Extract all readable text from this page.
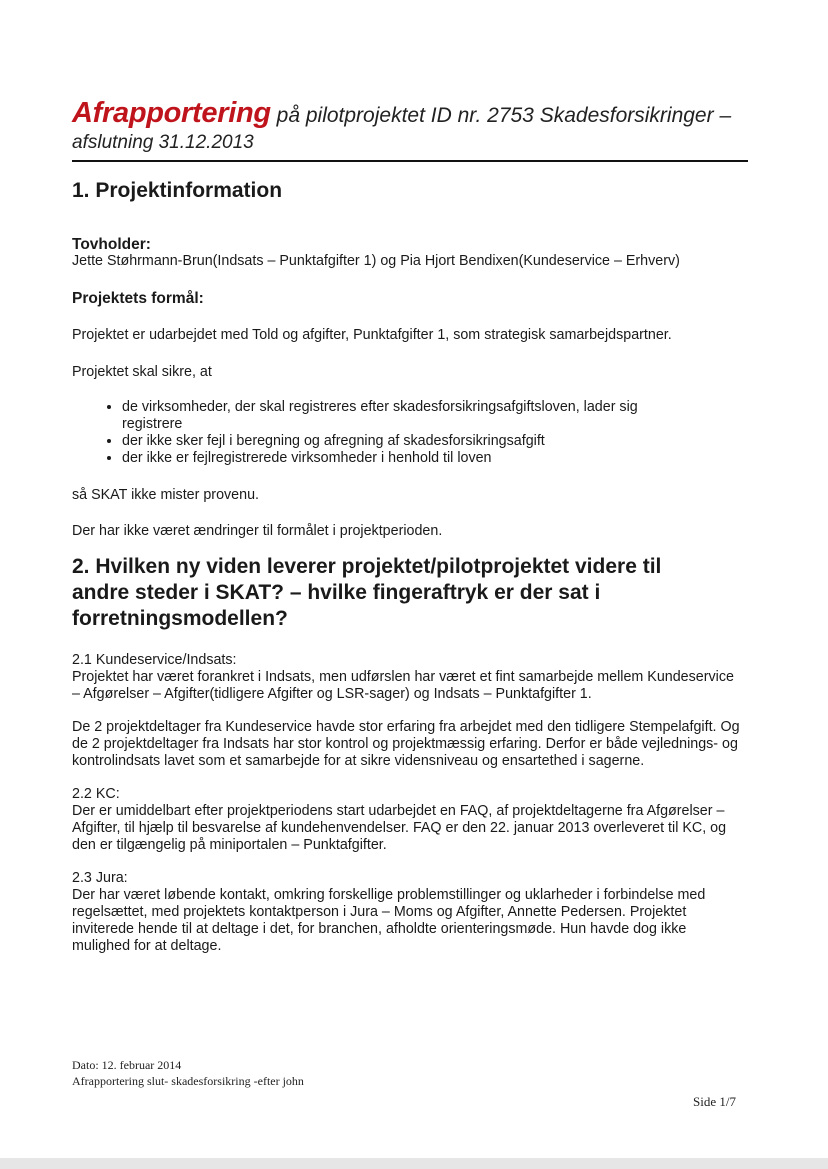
Afrapportering på pilotprojektet ID nr. 2753 Skadesforsikringer –
afslutning 31.12.2013
1. Projektinformation
Tovholder:

Jette Støhrmann-Brun(Indsats – Punktafgifter 1) og Pia Hjort Bendixen(Kundeservice – Erhverv)

Projektets formål:

Projektet er udarbejdet med Told og afgifter, Punktafgifter 1, som strategisk samarbejdspartner.

Projektet skal sikre, at

• de virksomheder, der skal registreres efter skadesforsikringsafgiftsloven, lader sig registrere
• der ikke sker fejl i beregning og afregning af skadesforsikringsafgift
• der ikke er fejlregistrerede virksomheder i henhold til loven

så SKAT ikke mister provenu.

Der har ikke været ændringer til formålet i projektperioden.

2. Hvilken ny viden leverer projektet/pilotprojektet videre til andre steder i SKAT? – hvilke fingeraftryk er der sat i forretningsmodellen?

2.1 Kundeservice/Indsats:

Projektet har været forankret i Indsats, men udførslen har været et fint samarbejde mellem Kundeservice – Afgørelser – Afgifter(tidligere Afgifter og LSR-sager) og Indsats – Punktafgifter 1.

De 2 projektdeltager fra Kundeservice havde stor erfaring fra arbejdet med den tidligere Stempelafgift. Og de 2 projektdeltager fra Indsats har stor kontrol og projektmæssig erfaring. Derfor er både vejlednings- og kontrolindsats lavet som et samarbejde for at sikre vidensniveau og ensartethed i sagerne.

2.2 KC:

Der er umiddelbart efter projektperiodens start udarbejdet en FAQ, af projektdeltagerne fra Afgørelser – Afgifter, til hjælp til besvarelse af kundehenvendelser. FAQ er den 22. januar 2013 overleveret til KC, og den er tilgængelig på miniportalen – Punktafgifter.

2.3 Jura:

Der har været løbende kontakt, omkring forskellige problemstillinger og uklarheder i forbindelse med regelsættet, med projektets kontaktperson i Jura – Moms og Afgifter, Annette Pedersen. Projektet inviterede hende til at deltage i det, for branchen, afholdte orienteringsmøde. Hun havde dog ikke mulighed for at deltage.

Dato: 12. februar 2014
Afrapportering slut- skadesforsikring -efter john
Side 1/7
